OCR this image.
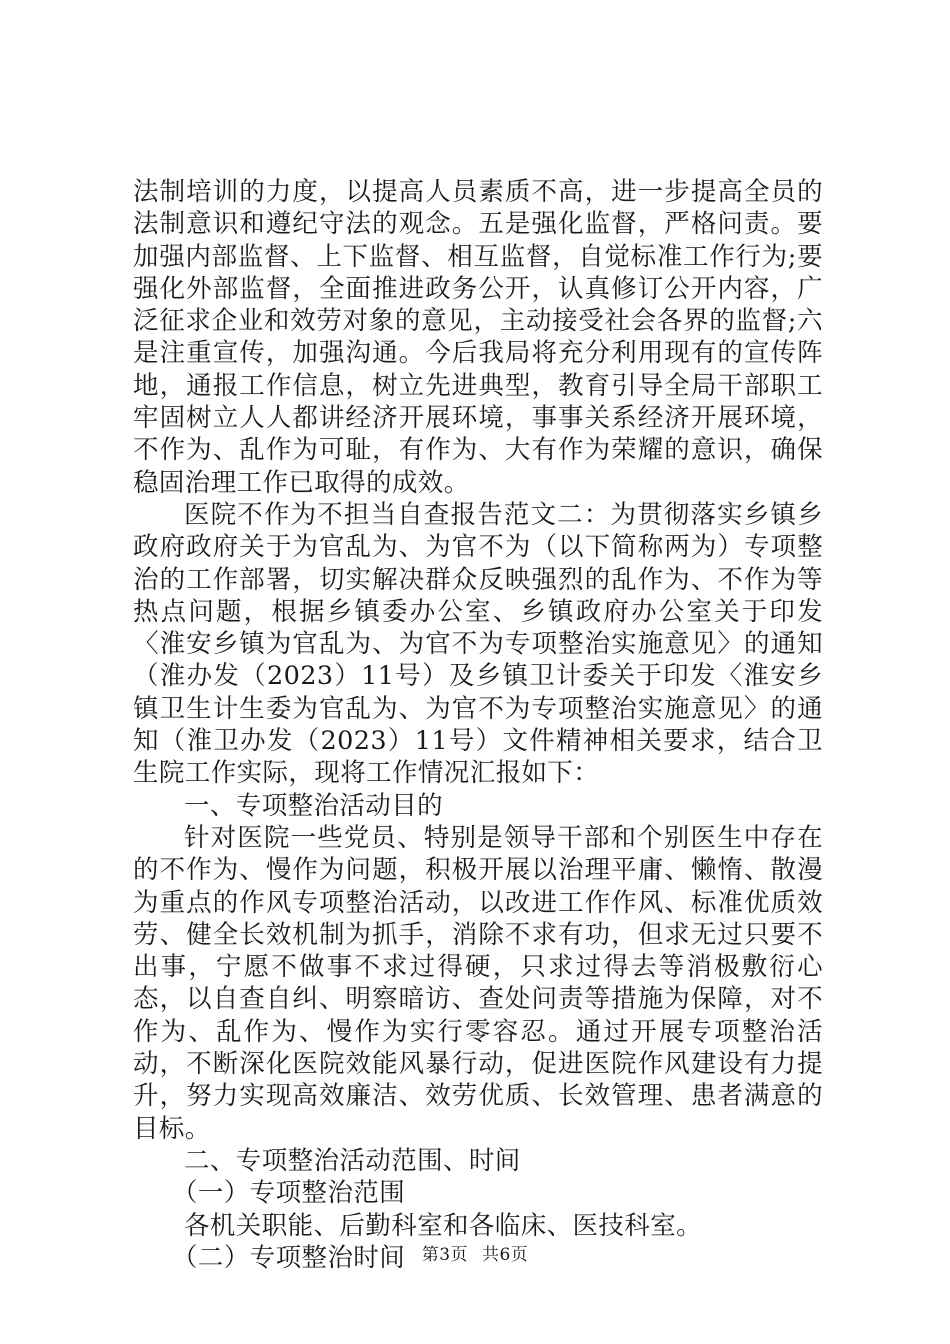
法制培训的力度，以提高人员素质不高，进一步提高全员的法制意识和遵纪守法的观念。五是强化监督，严格问责。要加强内部监督、上下监督、相互监督，自觉标准工作行为;要强化外部监督，全面推进政务公开，认真修订公开内容，广泛征求企业和效劳对象的意见，主动接受社会各界的监督;六是注重宣传，加强沟通。今后我局将充分利用现有的宣传阵地，通报工作信息，树立先进典型，教育引导全局干部职工牢固树立人人都讲经济开展环境，事事关系经济开展环境，不作为、乱作为可耻，有作为、大有作为荣耀的意识，确保稳固治理工作已取得的成效。

医院不作为不担当自查报告范文二：为贯彻落实乡镇乡政府政府关于为官乱为、为官不为（以下简称两为）专项整治的工作部署，切实解决群众反映强烈的乱作为、不作为等热点问题，根据乡镇委办公室、乡镇政府办公室关于印发〈淮安乡镇为官乱为、为官不为专项整治实施意见〉的通知（淮办发（2023）11号）及乡镇卫计委关于印发〈淮安乡镇卫生计生委为官乱为、为官不为专项整治实施意见〉的通知（淮卫办发（2023）11号）文件精神相关要求，结合卫生院工作实际，现将工作情况汇报如下：

一、专项整治活动目的

针对医院一些党员、特别是领导干部和个别医生中存在的不作为、慢作为问题，积极开展以治理平庸、懒惰、散漫为重点的作风专项整治活动，以改进工作作风、标准优质效劳、健全长效机制为抓手，消除不求有功，但求无过只要不出事，宁愿不做事不求过得硬，只求过得去等消极敷衍心态，以自查自纠、明察暗访、查处问责等措施为保障，对不作为、乱作为、慢作为实行零容忍。通过开展专项整治活动，不断深化医院效能风暴行动，促进医院作风建设有力提升，努力实现高效廉洁、效劳优质、长效管理、患者满意的目标。

二、专项整治活动范围、时间

（一）专项整治范围

各机关职能、后勤科室和各临床、医技科室。

（二）专项整治时间 第3页 共6页
